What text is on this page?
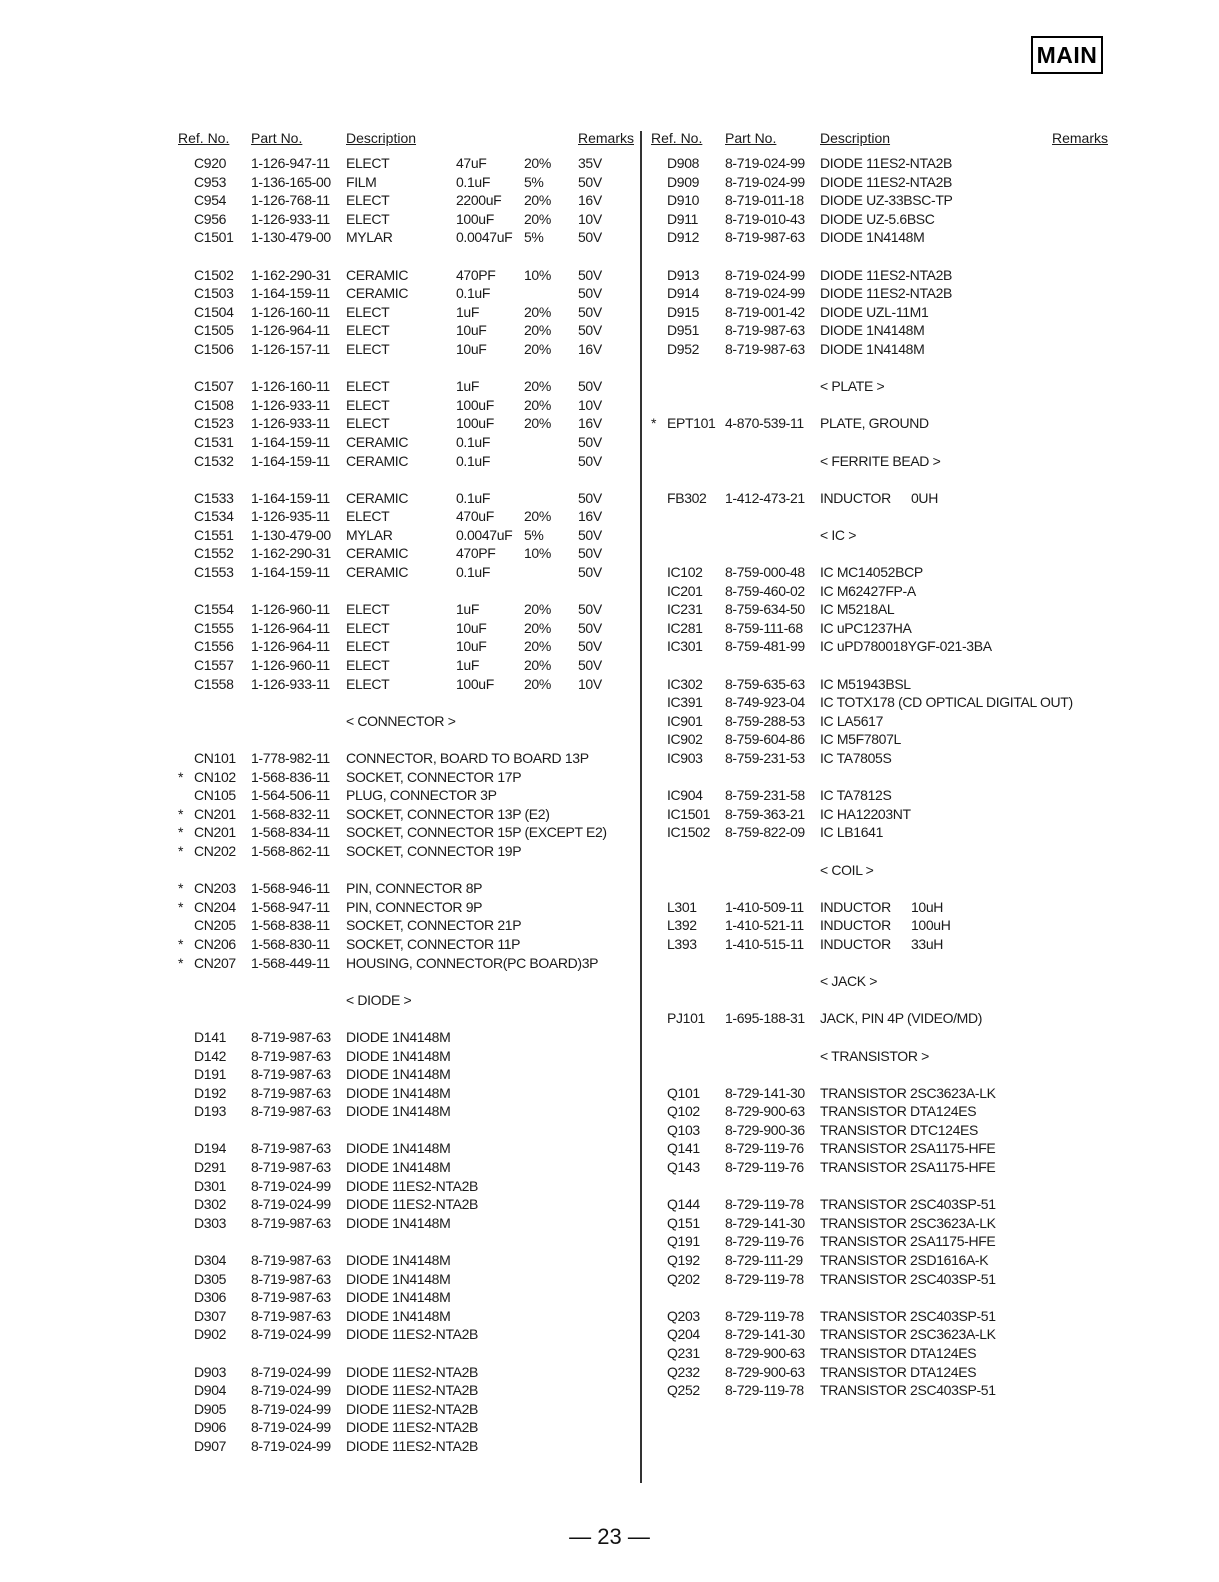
MAIN
Ref. No. Part No.	Description	Remarks
C920 1-126-947-11 ELECT	47uF	20% 35V
C953 1-136-165-00 FILM	0.1uF 5% 50V
C954 1-126-768-11 ELECT	2200uF 20% 16V
C956 1-126-933-11 ELECT	100uF 20% 10V
C1501 1-130-479-00 MYLAR	0.0047uF 5% 50V
C1502 1-162-290-31 CERAMIC	470PF 10% 50V
C1503 1-164-159-11 CERAMIC	0.1uF	50V
C1504 1-126-160-11 ELECT	1uF	20% 50V
C1505 1-126-964-11 ELECT	10uF	20% 50V
C1506 1-126-157-11 ELECT	10uF	20% 16V
C1507 1-126-160-11 ELECT	1uF	20% 50V
C1508 1-126-933-11 ELECT	100uF 20% 10V
C1523 1-126-933-11 ELECT	100uF 20% 16V
C1531 1-164-159-11 CERAMIC	0.1uF	50V
C1532 1-164-159-11 CERAMIC	0.1uF	50V
C1533 1-164-159-11 CERAMIC	0.1uF	50V
C1534 1-126-935-11 ELECT	470uF 20% 16V
C1551 1-130-479-00 MYLAR	0.0047uF 5% 50V
C1552 1-162-290-31 CERAMIC	470PF 10% 50V
C1553 1-164-159-11 CERAMIC	0.1uF	50V
C1554 1-126-960-11 ELECT	1uF	20% 50V
C1555 1-126-964-11 ELECT	10uF	20% 50V
C1556 1-126-964-11 ELECT	10uF	20% 50V
C1557 1-126-960-11 ELECT	1uF	20% 50V
C1558 1-126-933-11 ELECT	100uF 20% 10V
< CONNECTOR >
CN101 1-778-982-11 CONNECTOR, BOARD TO BOARD 13P
* CN102 1-568-836-11 SOCKET, CONNECTOR 17P
CN105 1-564-506-11 PLUG, CONNECTOR 3P
* CN201 1-568-832-11 SOCKET, CONNECTOR 13P (E2)
* CN201 1-568-834-11 SOCKET, CONNECTOR 15P (EXCEPT E2)
* CN202 1-568-862-11 SOCKET, CONNECTOR 19P
* CN203 1-568-946-11 PIN, CONNECTOR 8P
* CN204 1-568-947-11 PIN, CONNECTOR 9P
CN205 1-568-838-11 SOCKET, CONNECTOR 21P
* CN206 1-568-830-11 SOCKET, CONNECTOR 11P
* CN207 1-568-449-11 HOUSING, CONNECTOR(PC BOARD)3P
< DIODE >
D141 8-719-987-63 DIODE 1N4148M
D142 8-719-987-63 DIODE 1N4148M
D191 8-719-987-63 DIODE 1N4148M
D192 8-719-987-63 DIODE 1N4148M
D193 8-719-987-63 DIODE 1N4148M
D194 8-719-987-63 DIODE 1N4148M
D291 8-719-987-63 DIODE 1N4148M
D301 8-719-024-99 DIODE 11ES2-NTA2B
D302 8-719-024-99 DIODE 11ES2-NTA2B
D303 8-719-987-63 DIODE 1N4148M
D304 8-719-987-63 DIODE 1N4148M
D305 8-719-987-63 DIODE 1N4148M
D306 8-719-987-63 DIODE 1N4148M
D307 8-719-987-63 DIODE 1N4148M
D902 8-719-024-99 DIODE 11ES2-NTA2B
D903 8-719-024-99 DIODE 11ES2-NTA2B
D904 8-719-024-99 DIODE 11ES2-NTA2B
D905 8-719-024-99 DIODE 11ES2-NTA2B
D906 8-719-024-99 DIODE 11ES2-NTA2B
D907 8-719-024-99 DIODE 11ES2-NTA2B
Ref. No. Part No.	Description	Remarks
D908 8-719-024-99 DIODE 11ES2-NTA2B
D909 8-719-024-99 DIODE 11ES2-NTA2B
D910 8-719-011-18 DIODE UZ-33BSC-TP
D911 8-719-010-43 DIODE UZ-5.6BSC
D912 8-719-987-63 DIODE 1N4148M
D913 8-719-024-99 DIODE 11ES2-NTA2B
D914 8-719-024-99 DIODE 11ES2-NTA2B
D915 8-719-001-42 DIODE UZL-11M1
D951 8-719-987-63 DIODE 1N4148M
D952 8-719-987-63 DIODE 1N4148M
< PLATE >
* EPT101 4-870-539-11 PLATE, GROUND
< FERRITE BEAD >
FB302 1-412-473-21 INDUCTOR 0UH
< IC >
IC102 8-759-000-48 IC MC14052BCP
IC201 8-759-460-02 IC M62427FP-A
IC231 8-759-634-50 IC M5218AL
IC281 8-759-111-68 IC uPC1237HA
IC301 8-759-481-99 IC uPD780018YGF-021-3BA
IC302 8-759-635-63 IC M51943BSL
IC391 8-749-923-04 IC TOTX178 (CD OPTICAL DIGITAL OUT)
IC901 8-759-288-53 IC LA5617
IC902 8-759-604-86 IC M5F7807L
IC903 8-759-231-53 IC TA7805S
IC904 8-759-231-58 IC TA7812S
IC1501 8-759-363-21 IC HA12203NT
IC1502 8-759-822-09 IC LB1641
< COIL >
L301 1-410-509-11 INDUCTOR 10uH
L392 1-410-521-11 INDUCTOR 100uH
L393 1-410-515-11 INDUCTOR 33uH
< JACK >
PJ101 1-695-188-31 JACK, PIN 4P (VIDEO/MD)
< TRANSISTOR >
Q101 8-729-141-30 TRANSISTOR 2SC3623A-LK
Q102 8-729-900-63 TRANSISTOR DTA124ES
Q103 8-729-900-36 TRANSISTOR DTC124ES
Q141 8-729-119-76 TRANSISTOR 2SA1175-HFE
Q143 8-729-119-76 TRANSISTOR 2SA1175-HFE
Q144 8-729-119-78 TRANSISTOR 2SC403SP-51
Q151 8-729-141-30 TRANSISTOR 2SC3623A-LK
Q191 8-729-119-76 TRANSISTOR 2SA1175-HFE
Q192 8-729-111-29 TRANSISTOR 2SD1616A-K
Q202 8-729-119-78 TRANSISTOR 2SC403SP-51
Q203 8-729-119-78 TRANSISTOR 2SC403SP-51
Q204 8-729-141-30 TRANSISTOR 2SC3623A-LK
Q231 8-729-900-63 TRANSISTOR DTA124ES
Q232 8-729-900-63 TRANSISTOR DTA124ES
Q252 8-729-119-78 TRANSISTOR 2SC403SP-51
— 23 —
